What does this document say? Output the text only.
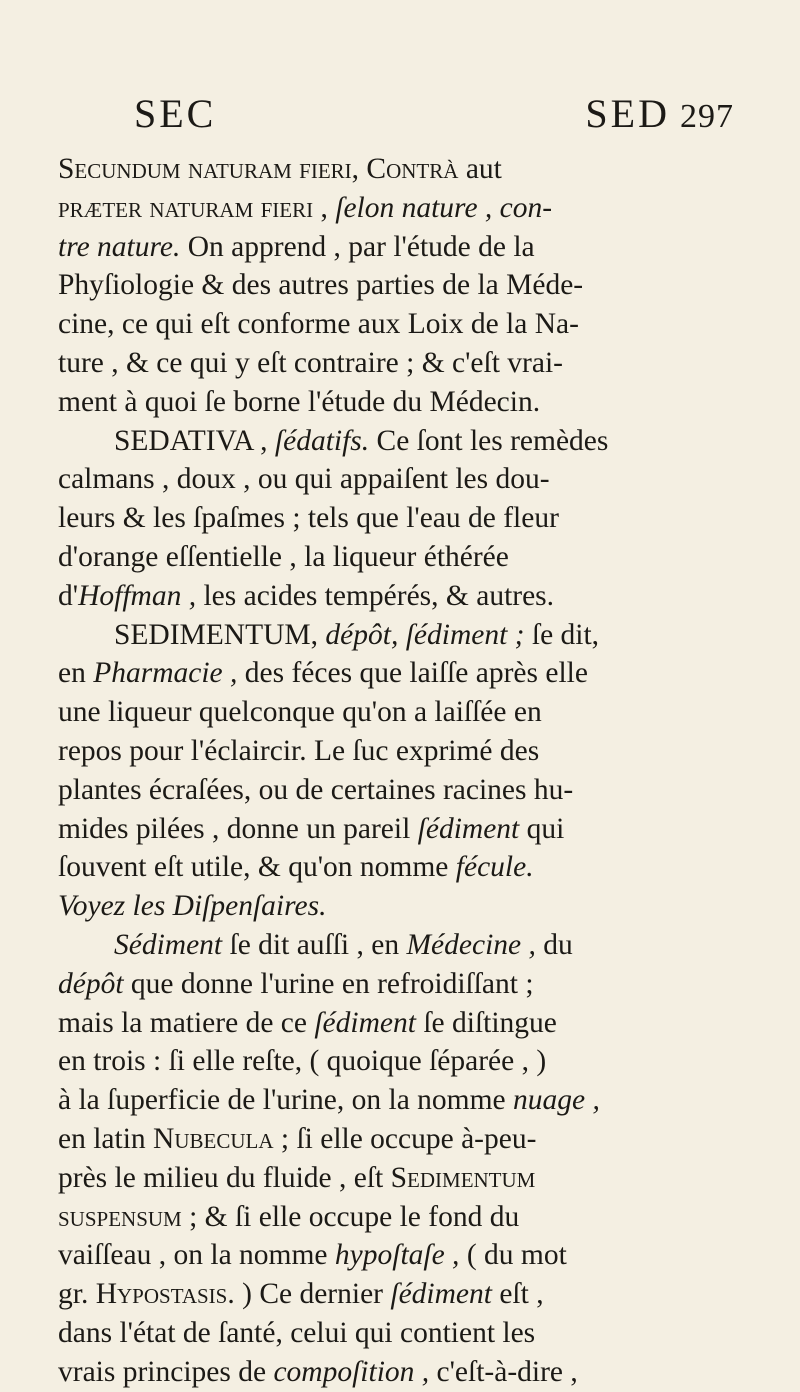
SEC	SED 297
Secundum naturam fieri, Contrà aut
præter naturam fieri , ſelon nature , con-
tre nature. On apprend , par l'étude de la
Phyſiologie & des autres parties de la Méde-
cine, ce qui eſt conforme aux Loix de la Na-
ture , & ce qui y eſt contraire ; & c'eſt vrai-
ment à quoi ſe borne l'étude du Médecin.
SEDATIVA , ſédatifs. Ce ſont les remèdes
calmans , doux , ou qui appaiſent les dou-
leurs & les ſpaſmes ; tels que l'eau de fleur
d'orange eſſentielle , la liqueur éthérée
d'Hoffman , les acides tempérés, & autres.
SEDIMENTUM, dépôt, ſédiment ; ſe dit,
en Pharmacie , des féces que laiſſe après elle
une liqueur quelconque qu'on a laiſſée en
repos pour l'éclaircir. Le ſuc exprimé des
plantes écraſées, ou de certaines racines hu-
mides pilées , donne un pareil ſédiment qui
ſouvent eſt utile, & qu'on nomme fécule.
Voyez les Diſpenſaires.
Sédiment ſe dit auſſi , en Médecine , du
dépôt que donne l'urine en refroidiſſant ;
mais la matiere de ce ſédiment ſe diſtingue
en trois : ſi elle reſte, ( quoique ſéparée , )
à la ſuperficie de l'urine, on la nomme nuage ,
en latin Nubecula ; ſi elle occupe à-peu-
près le milieu du fluide , eſt Sedimentum
suspensum ; & ſi elle occupe le fond du
vaiſſeau , on la nomme hypoſtaſe , ( du mot
gr. Hypostasis. ) Ce dernier ſédiment eſt ,
dans l'état de ſanté, celui qui contient les
vrais principes de compoſition , c'eſt-à-dire ,
